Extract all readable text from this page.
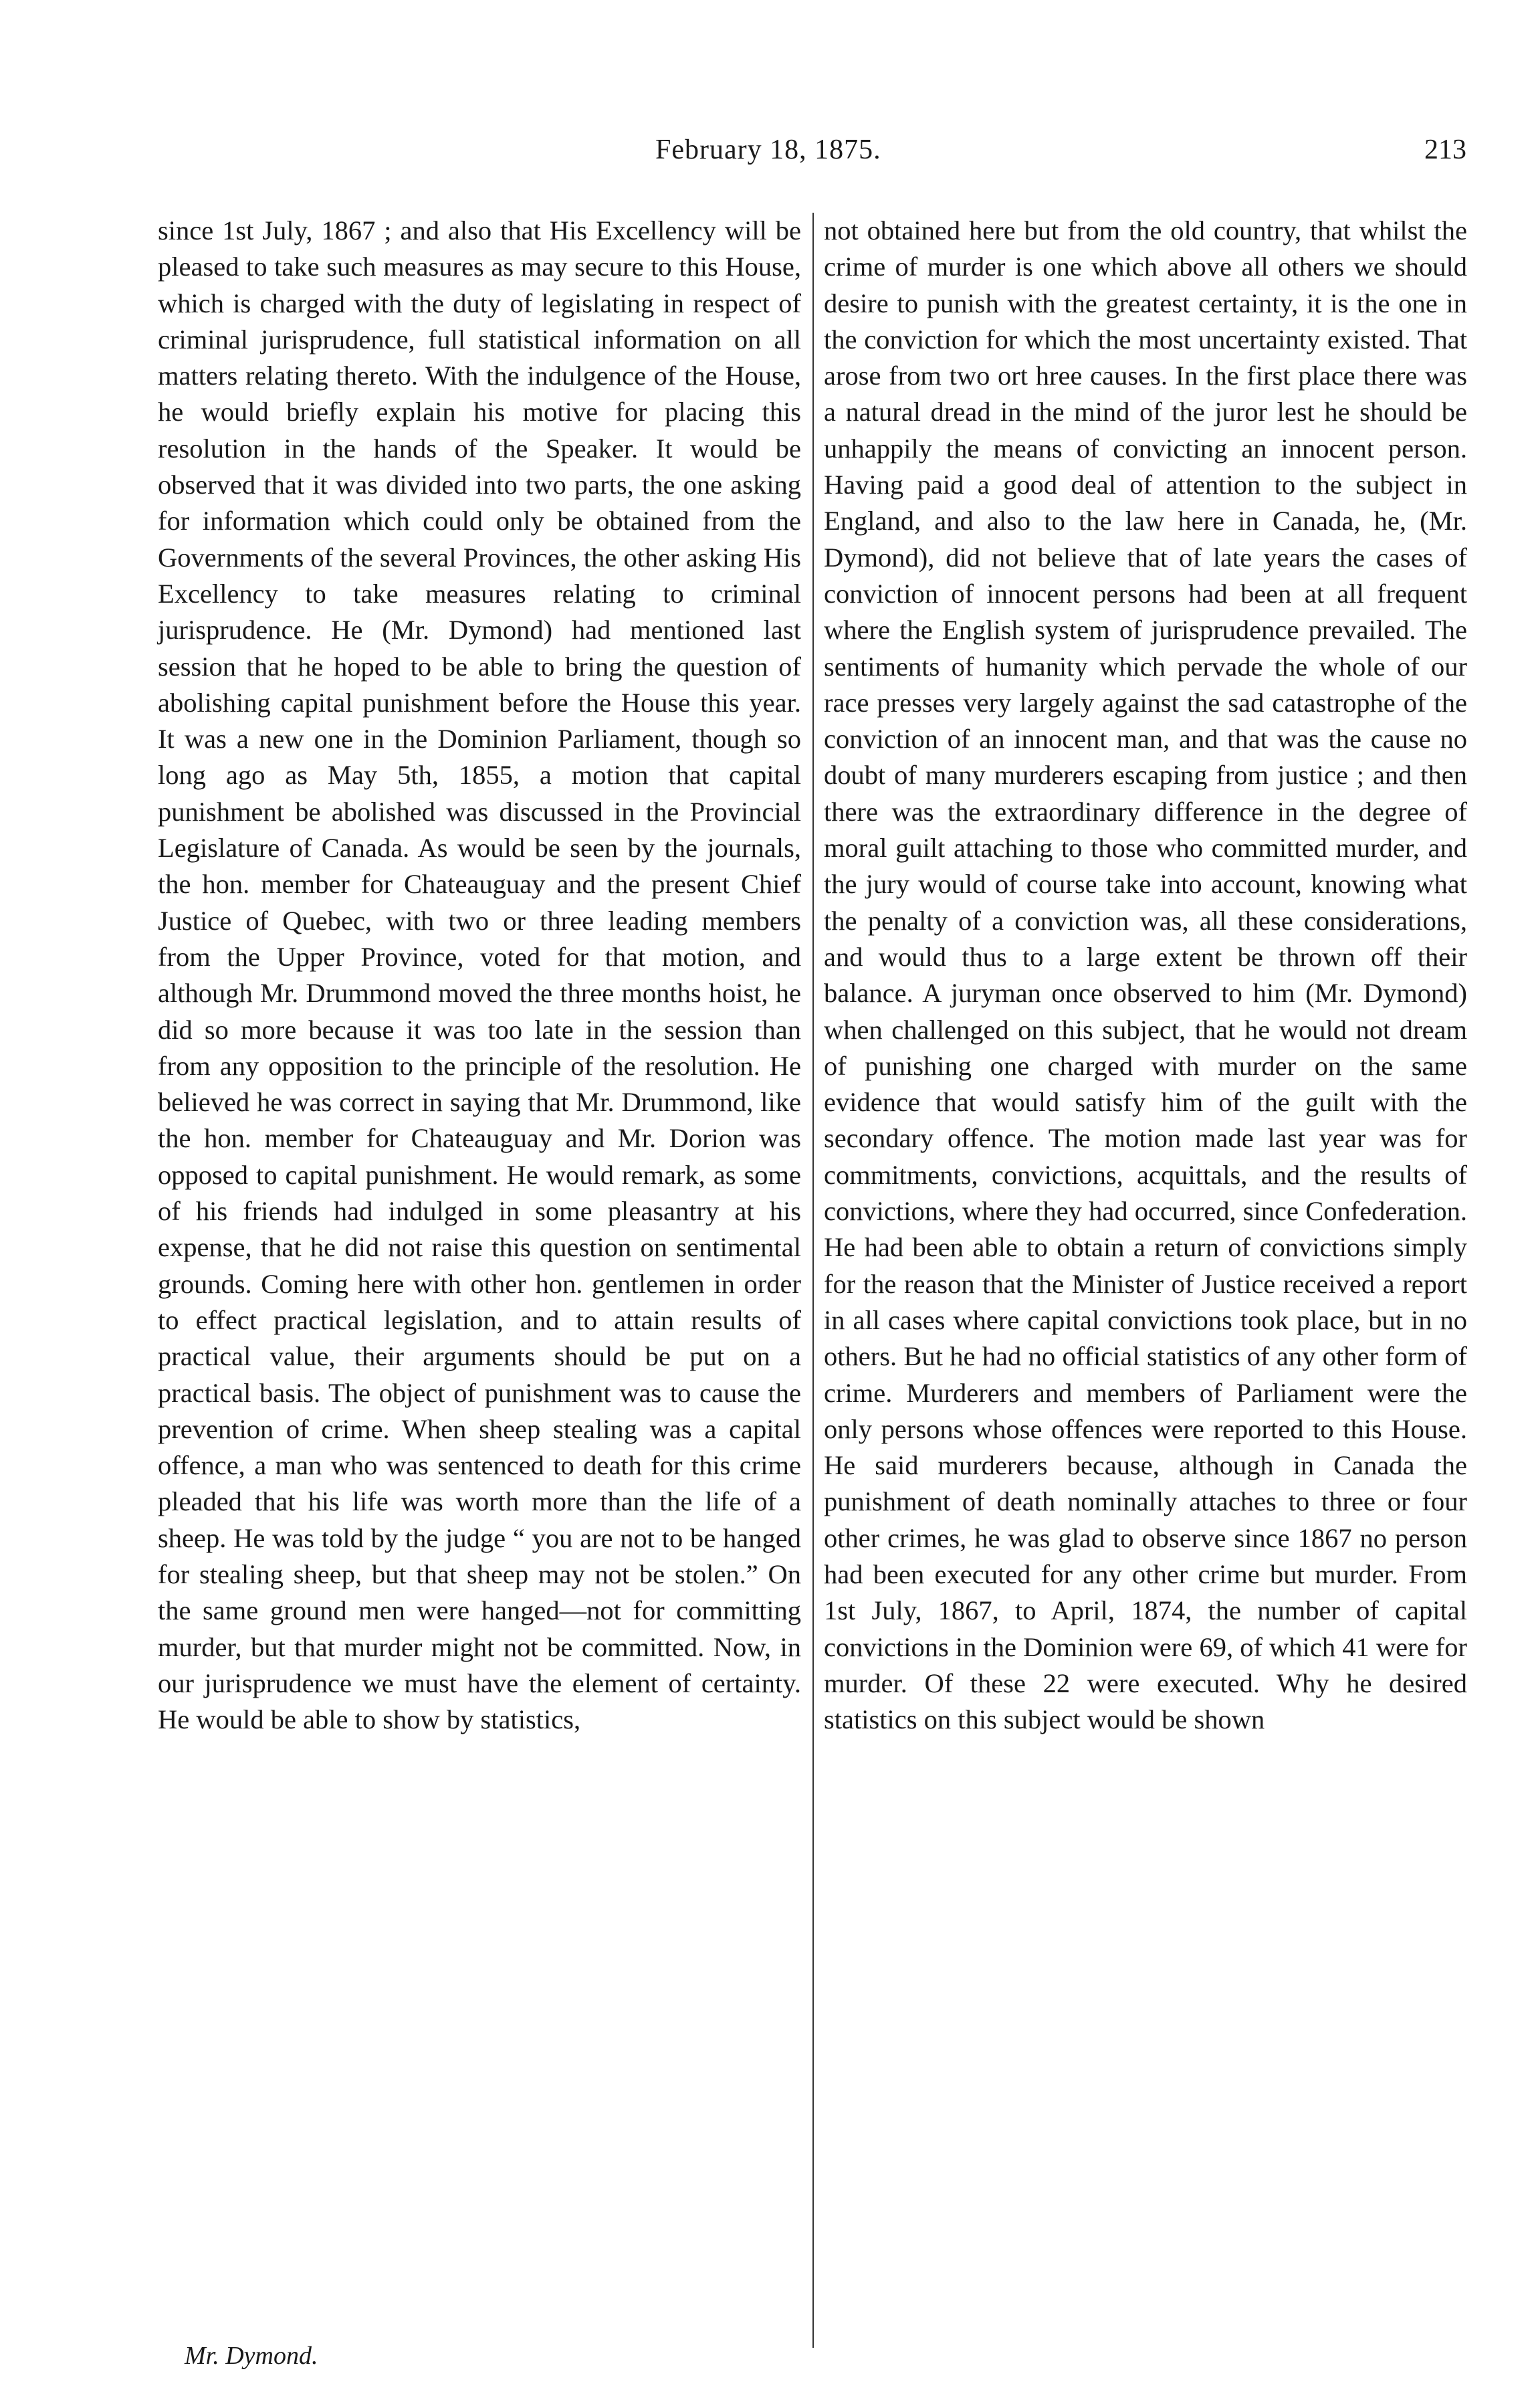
February 18, 1875.	213

since 1st July, 1867 ; and also that His Excellency will be pleased to take such measures as may secure to this House, which is charged with the duty of legislating in respect of criminal jurisprudence, full statistical information on all matters relating thereto. With the indulgence of the House, he would briefly explain his motive for placing this resolution in the hands of the Speaker. It would be observed that it was divided into two parts, the one asking for information which could only be obtained from the Governments of the several Provinces, the other asking His Excellency to take measures relating to criminal jurisprudence. He (Mr. Dymond) had mentioned last session that he hoped to be able to bring the question of abolishing capital punishment before the House this year. It was a new one in the Dominion Parliament, though so long ago as May 5th, 1855, a motion that capital punishment be abolished was discussed in the Provincial Legislature of Canada. As would be seen by the journals, the hon. member for Chateauguay and the present Chief Justice of Quebec, with two or three leading members from the Upper Province, voted for that motion, and although Mr. Drummond moved the three months hoist, he did so more because it was too late in the session than from any opposition to the principle of the resolution. He believed he was correct in saying that Mr. Drummond, like the hon. member for Chateauguay and Mr. Dorion was opposed to capital punishment. He would remark, as some of his friends had indulged in some pleasantry at his expense, that he did not raise this question on sentimental grounds. Coming here with other hon. gentlemen in order to effect practical legislation, and to attain results of practical value, their arguments should be put on a practical basis. The object of punishment was to cause the prevention of crime. When sheep stealing was a capital offence, a man who was sentenced to death for this crime pleaded that his life was worth more than the life of a sheep. He was told by the judge “ you are not to be hanged for stealing sheep, but that sheep may not be stolen.” On the same ground men were hanged—not for committing murder, but that murder might not be committed. Now, in our jurisprudence we must have the element of certainty. He would be able to show by statistics,

not obtained here but from the old country, that whilst the crime of murder is one which above all others we should desire to punish with the greatest certainty, it is the one in the conviction for which the most uncertainty existed. That arose from two ort hree causes. In the first place there was a natural dread in the mind of the juror lest he should be unhappily the means of convicting an innocent person. Having paid a good deal of attention to the subject in England, and also to the law here in Canada, he, (Mr. Dymond), did not believe that of late years the cases of conviction of innocent persons had been at all frequent where the English system of jurisprudence prevailed. The sentiments of humanity which pervade the whole of our race presses very largely against the sad catastrophe of the conviction of an innocent man, and that was the cause no doubt of many murderers escaping from justice ; and then there was the extraordinary difference in the degree of moral guilt attaching to those who committed murder, and the jury would of course take into account, knowing what the penalty of a conviction was, all these considerations, and would thus to a large extent be thrown off their balance. A juryman once observed to him (Mr. Dymond) when challenged on this subject, that he would not dream of punishing one charged with murder on the same evidence that would satisfy him of the guilt with the secondary offence. The motion made last year was for commitments, convictions, acquittals, and the results of convictions, where they had occurred, since Confederation. He had been able to obtain a return of convictions simply for the reason that the Minister of Justice received a report in all cases where capital convictions took place, but in no others. But he had no official statistics of any other form of crime. Murderers and members of Parliament were the only persons whose offences were reported to this House. He said murderers because, although in Canada the punishment of death nominally attaches to three or four other crimes, he was glad to observe since 1867 no person had been executed for any other crime but murder. From 1st July, 1867, to April, 1874, the number of capital convictions in the Dominion were 69, of which 41 were for murder. Of these 22 were executed. Why he desired statistics on this subject would be shown

Mr. Dymond.
